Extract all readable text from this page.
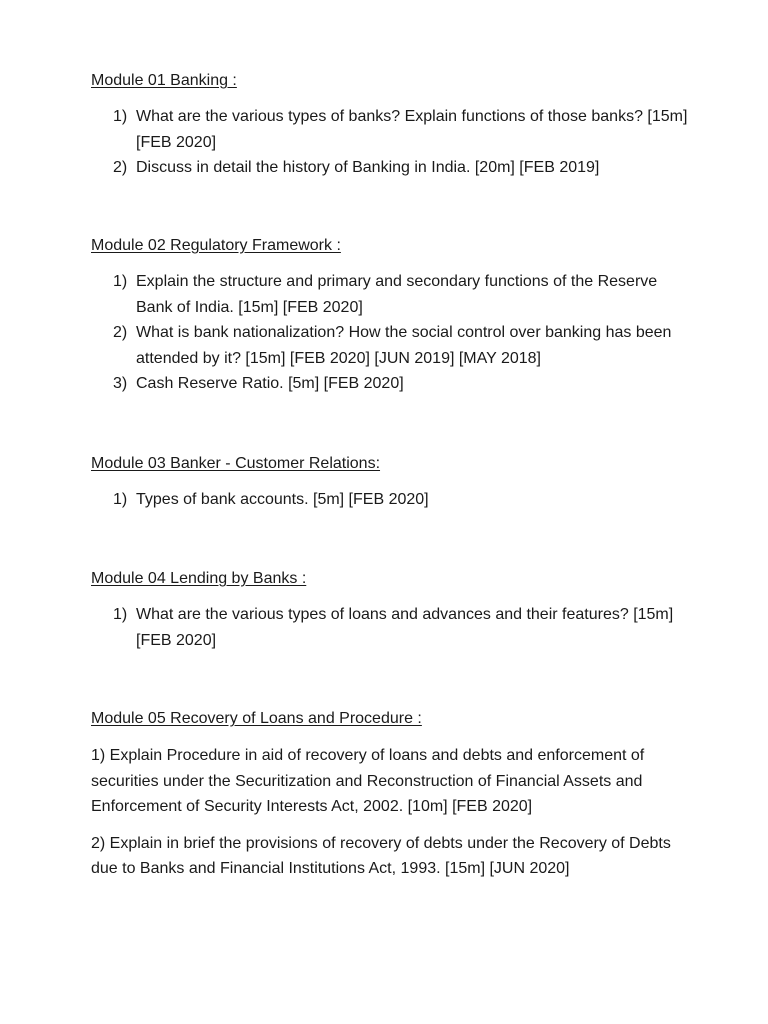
Module 01 Banking :
1) What are the various types of banks? Explain functions of those banks? [15m] [FEB 2020]
2) Discuss in detail the history of Banking in India. [20m] [FEB 2019]
Module 02 Regulatory Framework :
1) Explain the structure and primary and secondary functions of the Reserve Bank of India. [15m] [FEB 2020]
2) What is bank nationalization? How the social control over banking has been attended by it? [15m] [FEB 2020] [JUN 2019] [MAY 2018]
3) Cash Reserve Ratio. [5m] [FEB 2020]
Module 03 Banker - Customer Relations:
1) Types of bank accounts. [5m] [FEB 2020]
Module 04 Lending by Banks :
1) What are the various types of loans and advances and their features? [15m] [FEB 2020]
Module 05 Recovery of Loans and Procedure :

1) Explain Procedure in aid of recovery of loans and debts and enforcement of securities under the Securitization and Reconstruction of Financial Assets and Enforcement of Security Interests Act, 2002. [10m] [FEB 2020]

2) Explain in brief the provisions of recovery of debts under the Recovery of Debts due to Banks and Financial Institutions Act, 1993. [15m] [JUN 2020]
